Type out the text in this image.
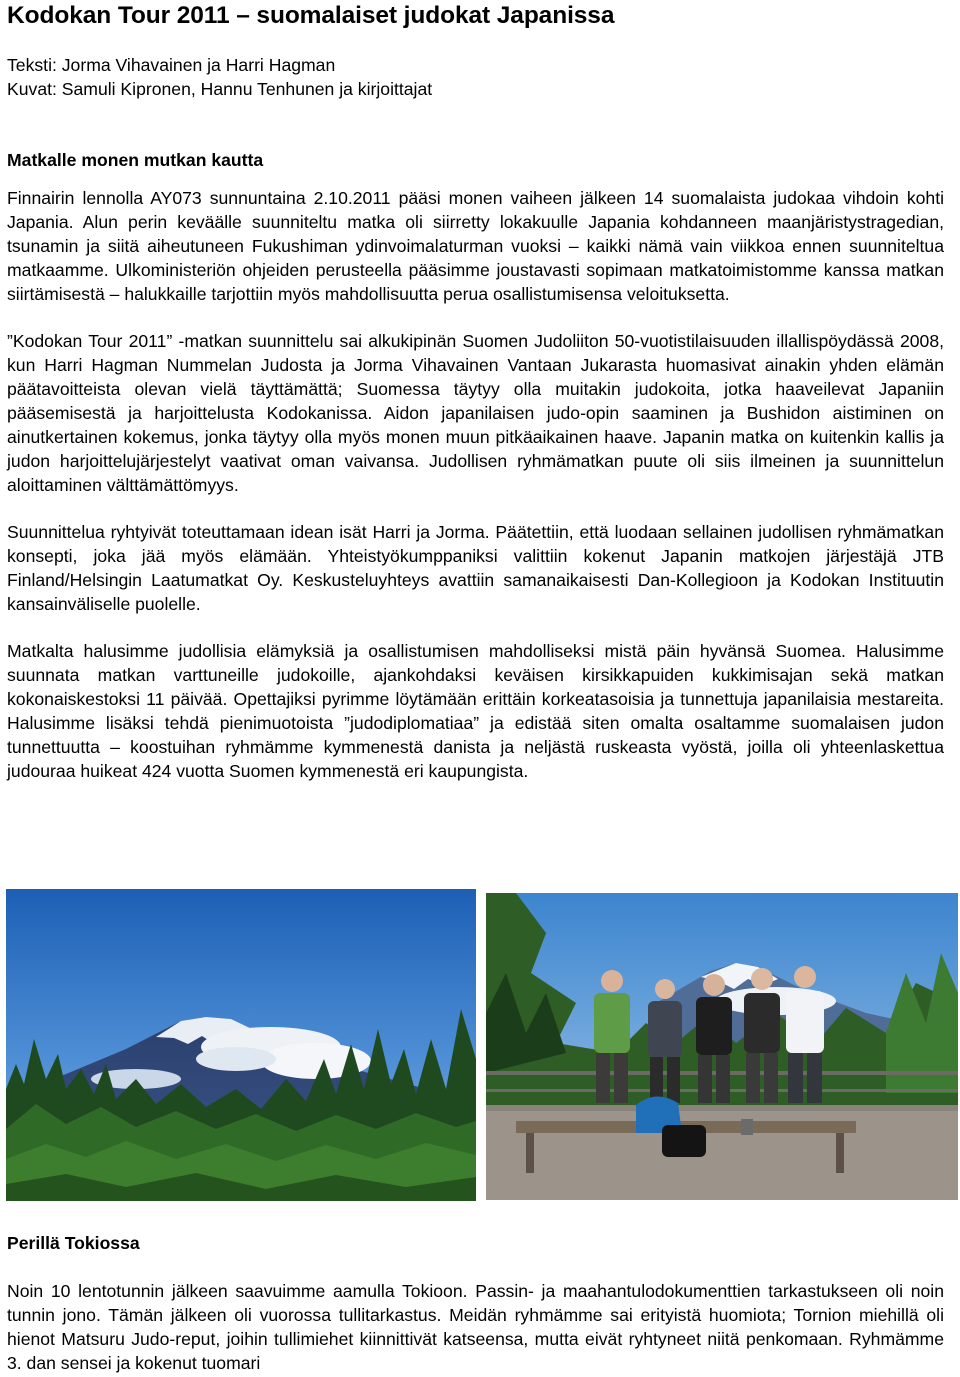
Kodokan Tour 2011 – suomalaiset judokat Japanissa
Teksti: Jorma Vihavainen ja Harri Hagman
Kuvat: Samuli Kipronen, Hannu Tenhunen ja kirjoittajat
Matkalle monen mutkan kautta

Finnairin lennolla AY073 sunnuntaina 2.10.2011 pääsi monen vaiheen jälkeen 14 suomalaista judokaa vihdoin kohti Japania. Alun perin keväälle suunniteltu matka oli siirretty lokakuulle Japania kohdanneen maanjäristystragedian, tsunamin ja siitä aiheutuneen Fukushiman ydinvoimalaturman vuoksi – kaikki nämä vain viikkoa ennen suunniteltua matkaamme. Ulkoministeriön ohjeiden perusteella pääsimme joustavasti sopimaan matkatoimistomme kanssa matkan siirtämisestä – halukkaille tarjottiin myös mahdollisuutta perua osallistumisensa veloituksetta.

”Kodokan Tour 2011” -matkan suunnittelu sai alkukipinän Suomen Judoliiton 50-vuotistilaisuuden illallispöydässä 2008, kun Harri Hagman Nummelan Judosta ja Jorma Vihavainen Vantaan Jukarasta huomasivat ainakin yhden elämän päätavoitteista olevan vielä täyttämättä; Suomessa täytyy olla muitakin judokoita, jotka haaveilevat Japaniin pääsemisestä ja harjoittelusta Kodokanissa. Aidon japanilaisen judo-opin saaminen ja Bushidon aistiminen on ainutkertainen kokemus, jonka täytyy olla myös monen muun pitkäaikainen haave. Japanin matka on kuitenkin kallis ja judon harjoittelujärjestelyt vaativat oman vaivansa. Judollisen ryhmämatkan puute oli siis ilmeinen ja suunnittelun aloittaminen välttämättömyys.

Suunnittelua ryhtyivät toteuttamaan idean isät Harri ja Jorma. Päätettiin, että luodaan sellainen judollisen ryhmämatkan konsepti, joka jää myös elämään. Yhteistyökumppaniksi valittiin kokenut Japanin matkojen järjestäjä JTB Finland/Helsingin Laatumatkat Oy. Keskusteluyhteys avattiin samanaikaisesti Dan-Kollegioon ja Kodokan Instituutin kansainväliselle puolelle.

Matkalta halusimme judollisia elämyksiä ja osallistumisen mahdolliseksi mistä päin hyvänsä Suomea. Halusimme suunnata matkan varttuneille judokoille, ajankohdaksi keväisen kirsikkapuiden kukkimisajan sekä matkan kokonaiskestoksi 11 päivää. Opettajiksi pyrimme löytämään erittäin korkeatasoisia ja tunnettuja japanilaisia mestareita. Halusimme lisäksi tehdä pienimuotoista ”judodiplomatiaa” ja edistää siten omalta osaltamme suomalaisen judon tunnettuutta – koostuihan ryhmämme kymmenestä danista ja neljästä ruskeasta vyöstä, joilla oli yhteenlaskettua judouraa huikeat 424 vuotta Suomen kymmenestä eri kaupungista.

Perillä Tokiossa

Noin 10 lentotunnin jälkeen saavuimme aamulla Tokioon. Passin- ja maahantulodokumenttien tarkastukseen oli noin tunnin jono. Tämän jälkeen oli vuorossa tullitarkastus. Meidän ryhmämme sai erityistä huomiota; Tornion miehillä oli hienot Matsuru Judo-reput, joihin tullimiehet kiinnittivät katseensa, mutta eivät ryhtyneet niitä penkomaan. Ryhmämme 3. dan sensei ja kokenut tuomari
